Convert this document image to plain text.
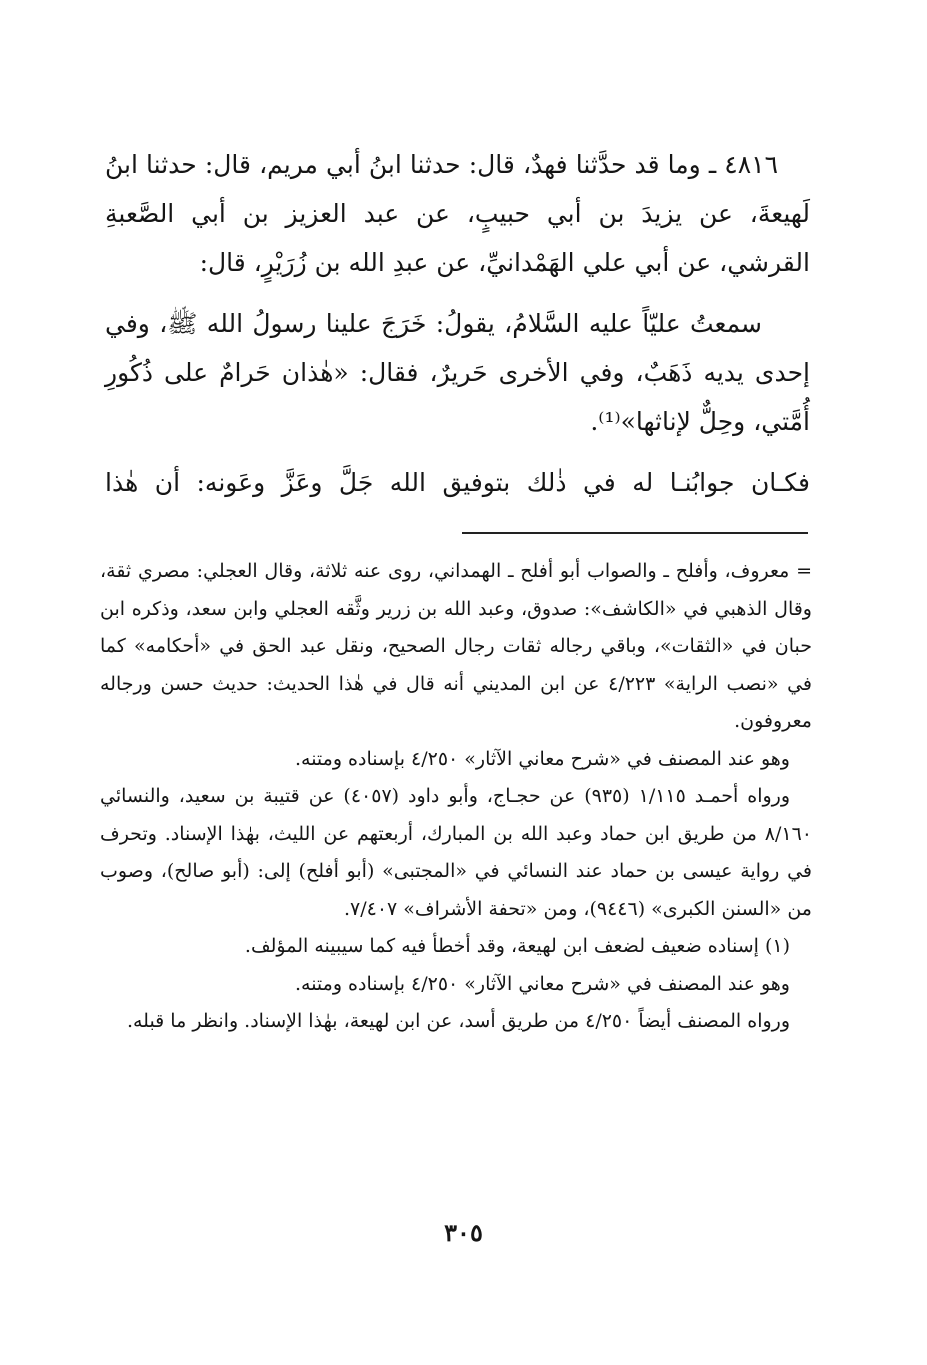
٤٨١٦ ـ وما قد حدَّثنا فهدٌ، قال: حدثنا ابنُ أبي مريم، قال: حدثنا ابنُ لَهيعةَ، عن يزيدَ بن أبي حبيبٍ، عن عبد العزيز بن أبي الصَّعبةِ القرشي، عن أبي علي الهَمْدانيِّ، عن عبدِ الله بن زُرَيْرٍ، قال:

سمعتُ عليّاً عليه السَّلامُ، يقولُ: خَرَجَ علينا رسولُ الله ﷺ، وفي إحدى يديه ذَهَبٌ، وفي الأخرى حَريرٌ، فقال: «هٰذان حَرامٌ على ذُكُورِ أُمَّتي، وحِلٌّ لإناثها»⁽¹⁾.

فكـان جوابُنـا له في ذٰلك بتوفيق الله جَلَّ وعَزَّ وعَونه: أن هٰذا

= معروف، وأفلح ـ والصواب أبو أفلح ـ الهمداني، روى عنه ثلاثة، وقال العجلي: مصري ثقة، وقال الذهبي في «الكاشف»: صدوق، وعبد الله بن زرير وثَّقه العجلي وابن سعد، وذكره ابن حبان في «الثقات»، وباقي رجاله ثقات رجال الصحيح، ونقل عبد الحق في «أحكامه» كما في «نصب الراية» ٤/٢٢٣ عن ابن المديني أنه قال في هٰذا الحديث: حديث حسن ورجاله معروفون.

وهو عند المصنف في «شرح معاني الآثار» ٤/٢٥٠ بإسناده ومتنه.

ورواه أحمـد ١/١١٥ (٩٣٥) عن حجـاج، وأبو داود (٤٠٥٧) عن قتيبة بن سعيد، والنسائي ٨/١٦٠ من طريق ابن حماد وعبد الله بن المبارك، أربعتهم عن الليث، بهٰذا الإسناد. وتحرف في رواية عيسى بن حماد عند النسائي في «المجتبى» (أبو أفلح) إلى: (أبو صالح)، وصوب من «السنن الكبرى» (٩٤٤٦)، ومن «تحفة الأشراف» ٧/٤٠٧.

(١) إسناده ضعيف لضعف ابن لهيعة، وقد أخطأ فيه كما سيبينه المؤلف.

وهو عند المصنف في «شرح معاني الآثار» ٤/٢٥٠ بإسناده ومتنه.

ورواه المصنف أيضاً ٤/٢٥٠ من طريق أسد، عن ابن لهيعة، بهٰذا الإسناد. وانظر ما قبله.

٣٠٥
